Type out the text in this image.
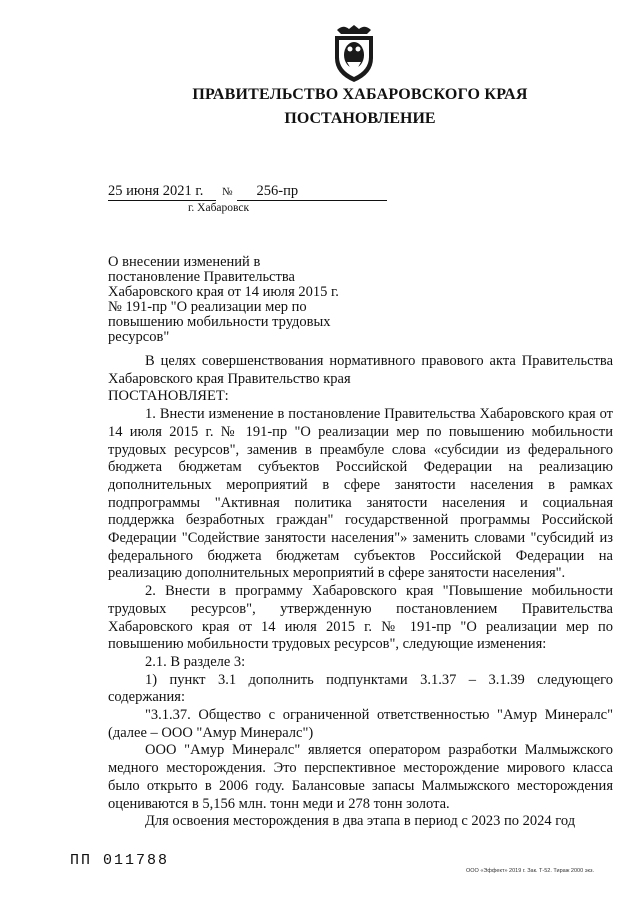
ПРАВИТЕЛЬСТВО ХАБАРОВСКОГО КРАЯ
ПОСТАНОВЛЕНИЕ
25 июня 2021 г. № 256-пр
г. Хабаровск
О внесении изменений в постановление Правительства Хабаровского края от 14 июля 2015 г. № 191-пр "О реализации мер по повышению мобильности трудовых ресурсов"

В целях совершенствования нормативного правового акта Правительства Хабаровского края Правительство края

ПОСТАНОВЛЯЕТ:

1. Внести изменение в постановление Правительства Хабаровского края от 14 июля 2015 г. № 191-пр "О реализации мер по повышению мобильности трудовых ресурсов", заменив в преамбуле слова «субсидии из федерального бюджета бюджетам субъектов Российской Федерации на реализацию дополнительных мероприятий в сфере занятости населения в рамках подпрограммы "Активная политика занятости населения и социальная поддержка безработных граждан" государственной программы Российской Федерации "Содействие занятости населения"» заменить словами "субсидий из федерального бюджета бюджетам субъектов Российской Федерации на реализацию дополнительных мероприятий в сфере занятости населения".

2. Внести в программу Хабаровского края "Повышение мобильности трудовых ресурсов", утвержденную постановлением Правительства Хабаровского края от 14 июля 2015 г. № 191-пр "О реализации мер по повышению мобильности трудовых ресурсов", следующие изменения:

2.1. В разделе 3:

1) пункт 3.1 дополнить подпунктами 3.1.37 – 3.1.39 следующего содержания:

"3.1.37. Общество с ограниченной ответственностью "Амур Минералс" (далее – ООО "Амур Минералс")

ООО "Амур Минералс" является оператором разработки Малмыжского медного месторождения. Это перспективное месторождение мирового класса было открыто в 2006 году. Балансовые запасы Малмыжского месторождения оцениваются в 5,156 млн. тонн меди и 278 тонн золота.

Для освоения месторождения в два этапа в период с 2023 по 2024 год

ПП 011788
ООО «Эффект» 2019 г. Зак. Т-52. Тираж 2000 экз.
